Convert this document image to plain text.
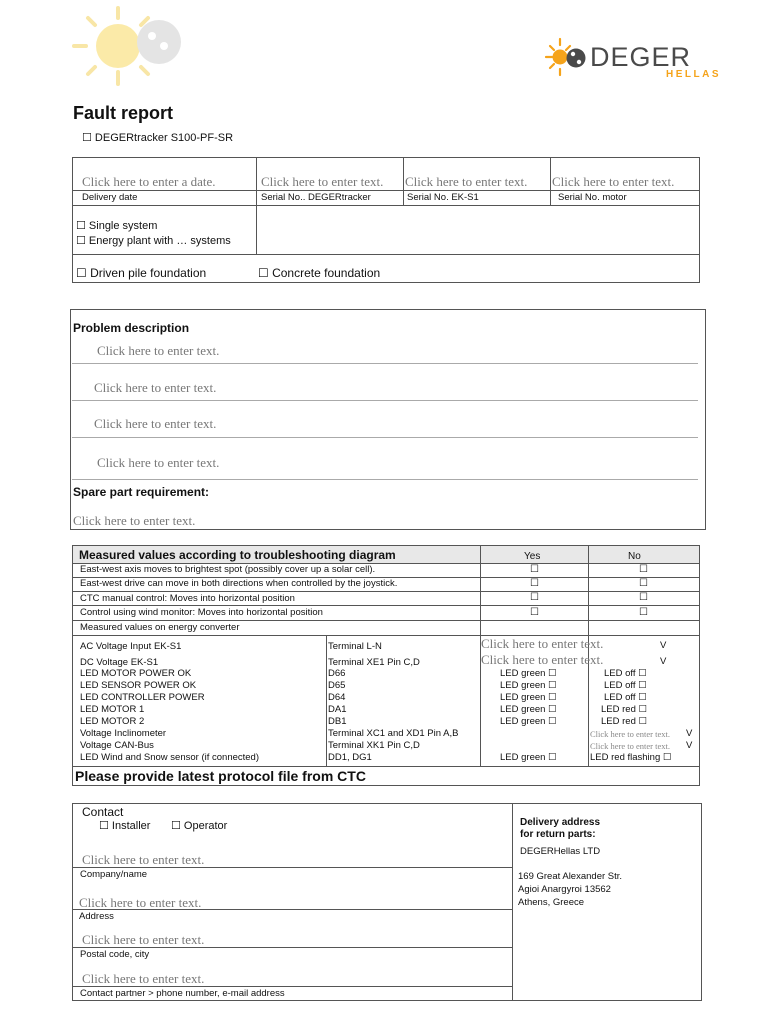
DEGER
HELLAS
Fault report
☐ DEGERtracker S100-PF-SR
Click here to enter a date.	Click here to enter text. Click here to enter text. Click here to enter text.
Delivery date	Serial No.. DEGERtracker	Serial No. EK-S1	Serial No. motor
☐ Single system
☐ Energy plant with … systems
☐ Driven pile foundation	☐ Concrete foundation
Problem description
Click here to enter text.
Click here to enter text.
Click here to enter text.
Click here to enter text.
Spare part requirement:
Click here to enter text.
Measured values according to troubleshooting diagram	Yes	No
East-west axis moves to brightest spot (possibly cover up a solar cell).	☐	☐
East-west drive can move in both directions when controlled by the joystick.	☐	☐
CTC manual control: Moves into horizontal position	☐	☐
Control using wind monitor: Moves into horizontal position	☐	☐
Measured values on energy converter
AC Voltage Input EK-S1	Terminal L-N	Click here to enter text.	V
DC Voltage EK-S1	Terminal XE1 Pin C,D	Click here to enter text.	V
LED MOTOR POWER OK	D66	LED green ☐	LED off ☐
LED SENSOR POWER OK	D65	LED green ☐	LED off ☐
LED CONTROLLER POWER	D64	LED green ☐	LED off ☐
LED MOTOR 1	DA1	LED green ☐	LED red ☐
LED MOTOR 2	DB1	LED green ☐	LED red ☐
Voltage Inclinometer	Terminal XC1 and XD1 Pin A,B	Click here to enter text. V
Voltage CAN-Bus	Terminal XK1 Pin C,D	Click here to enter text. V
LED Wind and Snow sensor (if connected)	DD1, DG1	LED green ☐	LED red flashing ☐
Please provide latest protocol file from CTC
Contact
☐ Installer ☐ Operator
Click here to enter text.
Company/name
Click here to enter text.
Address
Click here to enter text.
Postal code, city
Click here to enter text.
Contact partner > phone number, e-mail address
Delivery address
for return parts:
DEGERHellas LTD
169 Great Alexander Str.
Agioi Anargyroi 13562
Athens, Greece
